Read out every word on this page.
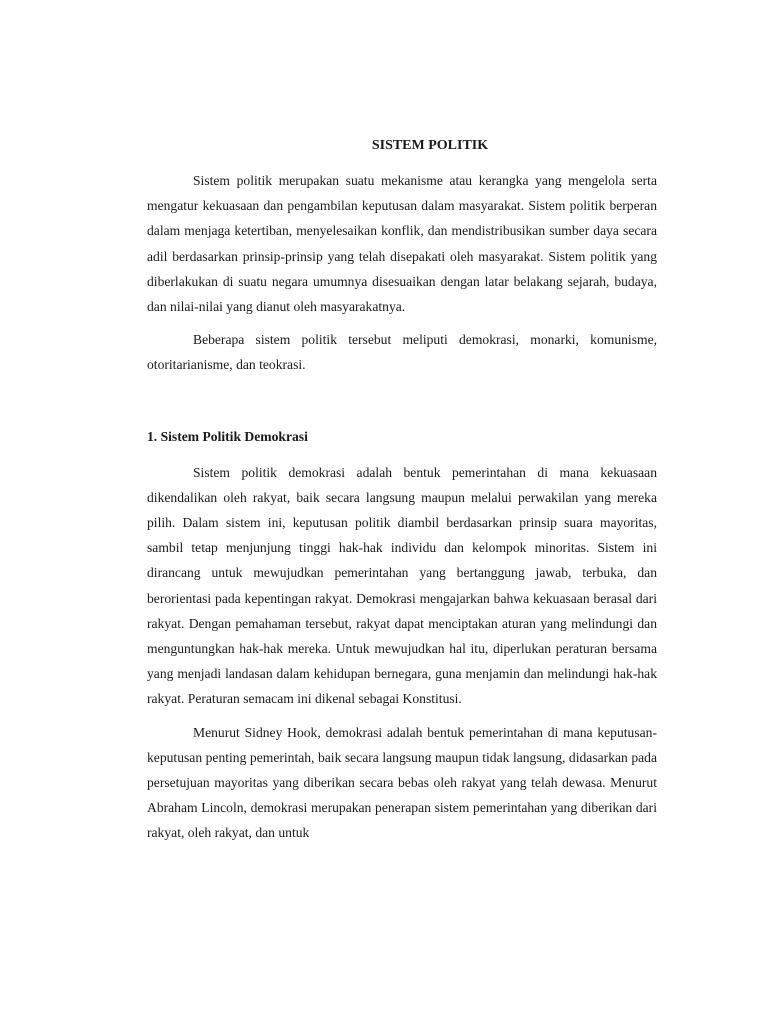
SISTEM POLITIK

Sistem politik merupakan suatu mekanisme atau kerangka yang mengelola serta mengatur kekuasaan dan pengambilan keputusan dalam masyarakat. Sistem politik berperan dalam menjaga ketertiban, menyelesaikan konflik, dan mendistribusikan sumber daya secara adil berdasarkan prinsip-prinsip yang telah disepakati oleh masyarakat. Sistem politik yang diberlakukan di suatu negara umumnya disesuaikan dengan latar belakang sejarah, budaya, dan nilai-nilai yang dianut oleh masyarakatnya.

Beberapa sistem politik tersebut meliputi demokrasi, monarki, komunisme, otoritarianisme, dan teokrasi.

1. Sistem Politik Demokrasi

Sistem politik demokrasi adalah bentuk pemerintahan di mana kekuasaan dikendalikan oleh rakyat, baik secara langsung maupun melalui perwakilan yang mereka pilih. Dalam sistem ini, keputusan politik diambil berdasarkan prinsip suara mayoritas, sambil tetap menjunjung tinggi hak-hak individu dan kelompok minoritas. Sistem ini dirancang untuk mewujudkan pemerintahan yang bertanggung jawab, terbuka, dan berorientasi pada kepentingan rakyat. Demokrasi mengajarkan bahwa kekuasaan berasal dari rakyat. Dengan pemahaman tersebut, rakyat dapat menciptakan aturan yang melindungi dan menguntungkan hak-hak mereka. Untuk mewujudkan hal itu, diperlukan peraturan bersama yang menjadi landasan dalam kehidupan bernegara, guna menjamin dan melindungi hak-hak rakyat. Peraturan semacam ini dikenal sebagai Konstitusi.

Menurut Sidney Hook, demokrasi adalah bentuk pemerintahan di mana keputusan-keputusan penting pemerintah, baik secara langsung maupun tidak langsung, didasarkan pada persetujuan mayoritas yang diberikan secara bebas oleh rakyat yang telah dewasa. Menurut Abraham Lincoln, demokrasi merupakan penerapan sistem pemerintahan yang diberikan dari rakyat, oleh rakyat, dan untuk
